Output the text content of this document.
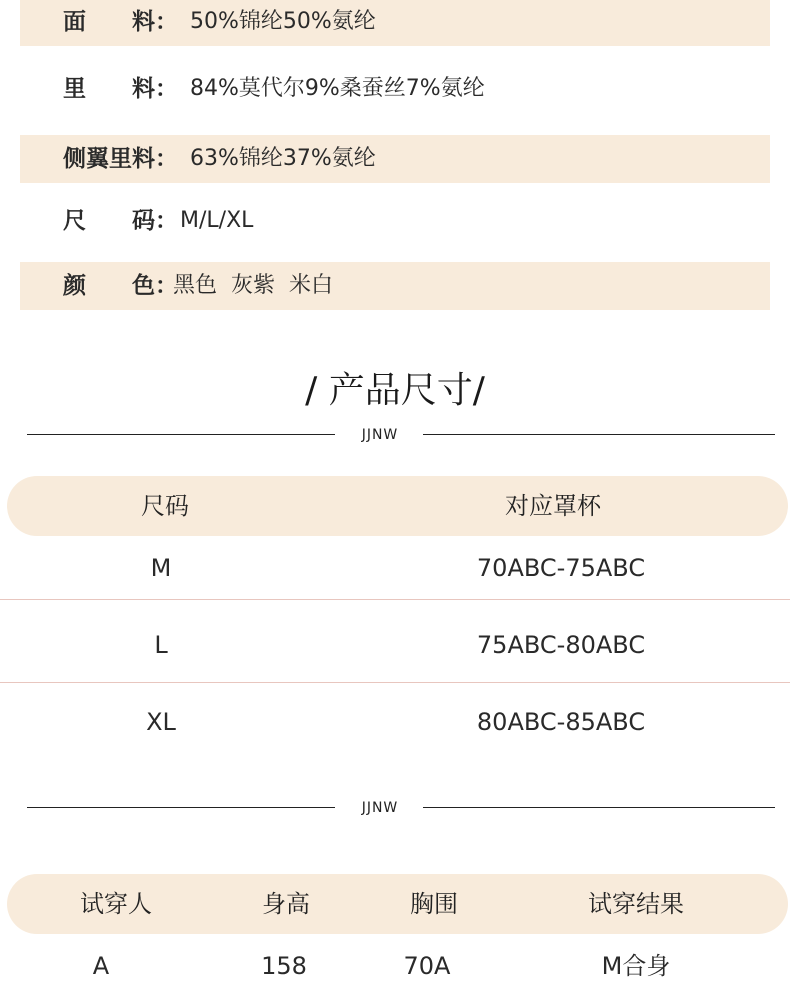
面　　料： 50%锦纶50%氨纶
里　　料： 84%莫代尔9%桑蚕丝7%氨纶
侧翼里料： 63%锦纶37%氨纶
尺　　码： M/L/XL
颜　　色：
黑色  灰紫  米白
/ 产品尺寸/
JJNW
尺码	对应罩杯
M	70ABC-75ABC
L	75ABC-80ABC
XL	80ABC-85ABC
JJNW
试穿人	身高	胸围	试穿结果
A	158	70A	M合身
